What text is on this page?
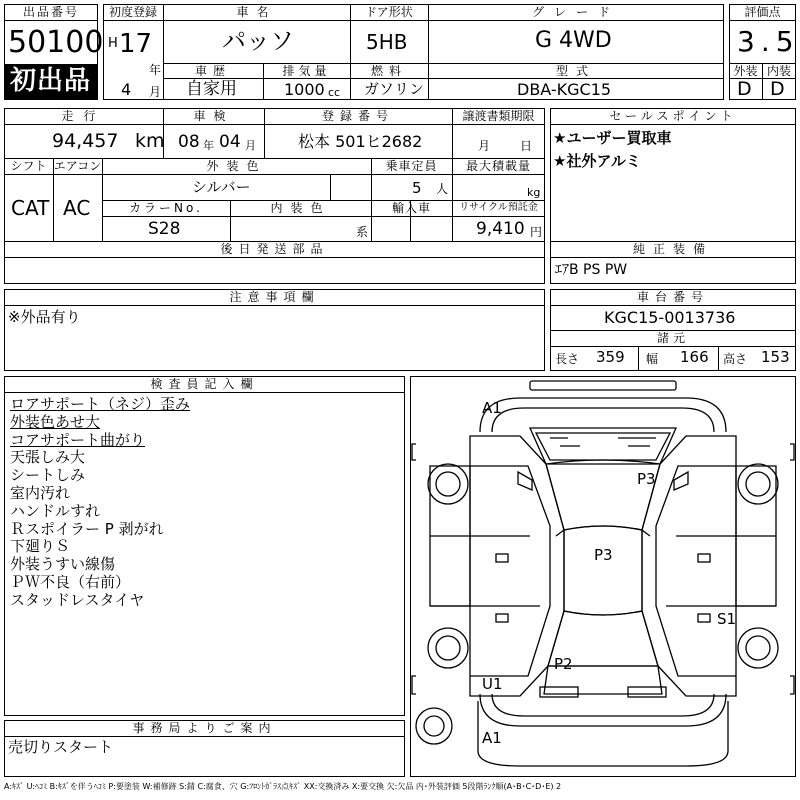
出品番号
50100
初出品
初度登録
H 17
年
4 月
車名
パッソ
ドア形状
5HB
グレード
G 4WD
車歴
自家用
排気量
1000 cc
燃料
ガソリン
型式
DBA-KGC15
評価点
3.5
外装 内装
D D
走行
94,457 km
車検
08 年 04 月
登録番号
松本 501ヒ2682
譲渡書類期限
月 日
シフト エアコン
CAT AC
外装色
シルバー
乗車定員
5 人
最大積載量
kg
カラーNo.
S28
内装色
系
輸入車	リサイクル預託金
9,410 円
後日発送部品
セールスポイント
★ユーザー買取車
★社外アルミ
純正装備
ｴｱB PS PW
注意事項欄
※外品有り
車台番号
KGC15-0013736
諸元
長さ 359 幅 166 高さ 153
検査員記入欄
ロアサポート（ネジ）歪み
外装色あせ大
コアサポート曲がり
天張しみ大
シートしみ
室内汚れ
ハンドルすれ
Ｒスポイラー P 剥がれ
下廻りＳ
外装うすい線傷
ＰＷ不良（右前）
スタッドレスタイヤ
事務局よりご案内
売切りスタート
A1
P3
P3
S1
P2
U1
A1
A:ｷｽﾞ U:ﾍｺﾐ B:ｷｽﾞを伴うﾍｺﾐ P:要塗装 W:補修跡 S:錆 C:腐食、穴 G:ﾌﾛﾝﾄｶﾞﾗｽ点ｷｽﾞ XX:交換済み X:要交換 欠:欠品 内･外装評価 5段階ﾗﾝｸ順(A･B･C･D･E) 2
